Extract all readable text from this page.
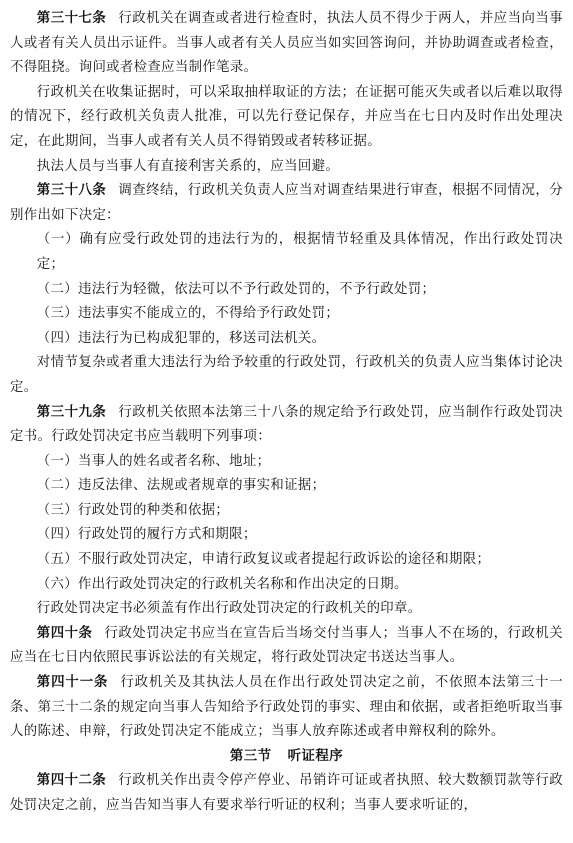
第三十七条 行政机关在调查或者进行检查时，执法人员不得少于两人，并应当向当事人或者有关人员出示证件。当事人或者有关人员应当如实回答询问，并协助调查或者检查，不得阻挠。询问或者检查应当制作笔录。

行政机关在收集证据时，可以采取抽样取证的方法；在证据可能灭失或者以后难以取得的情况下，经行政机关负责人批准，可以先行登记保存，并应当在七日内及时作出处理决定，在此期间，当事人或者有关人员不得销毁或者转移证据。

执法人员与当事人有直接利害关系的，应当回避。

第三十八条 调查终结，行政机关负责人应当对调查结果进行审查，根据不同情况，分别作出如下决定：

（一）确有应受行政处罚的违法行为的，根据情节轻重及具体情况，作出行政处罚决定；

（二）违法行为轻微，依法可以不予行政处罚的，不予行政处罚；

（三）违法事实不能成立的，不得给予行政处罚；

（四）违法行为已构成犯罪的，移送司法机关。

对情节复杂或者重大违法行为给予较重的行政处罚，行政机关的负责人应当集体讨论决定。

第三十九条 行政机关依照本法第三十八条的规定给予行政处罚，应当制作行政处罚决定书。行政处罚决定书应当载明下列事项：

（一）当事人的姓名或者名称、地址；

（二）违反法律、法规或者规章的事实和证据；

（三）行政处罚的种类和依据；

（四）行政处罚的履行方式和期限；

（五）不服行政处罚决定，申请行政复议或者提起行政诉讼的途径和期限；

（六）作出行政处罚决定的行政机关名称和作出决定的日期。

行政处罚决定书必须盖有作出行政处罚决定的行政机关的印章。

第四十条 行政处罚决定书应当在宣告后当场交付当事人；当事人不在场的，行政机关应当在七日内依照民事诉讼法的有关规定，将行政处罚决定书送达当事人。

第四十一条 行政机关及其执法人员在作出行政处罚决定之前，不依照本法第三十一条、第三十二条的规定向当事人告知给予行政处罚的事实、理由和依据，或者拒绝听取当事人的陈述、申辩，行政处罚决定不能成立；当事人放弃陈述或者申辩权利的除外。

第三节 听证程序

第四十二条 行政机关作出责令停产停业、吊销许可证或者执照、较大数额罚款等行政处罚决定之前，应当告知当事人有要求举行听证的权利；当事人要求听证的，
